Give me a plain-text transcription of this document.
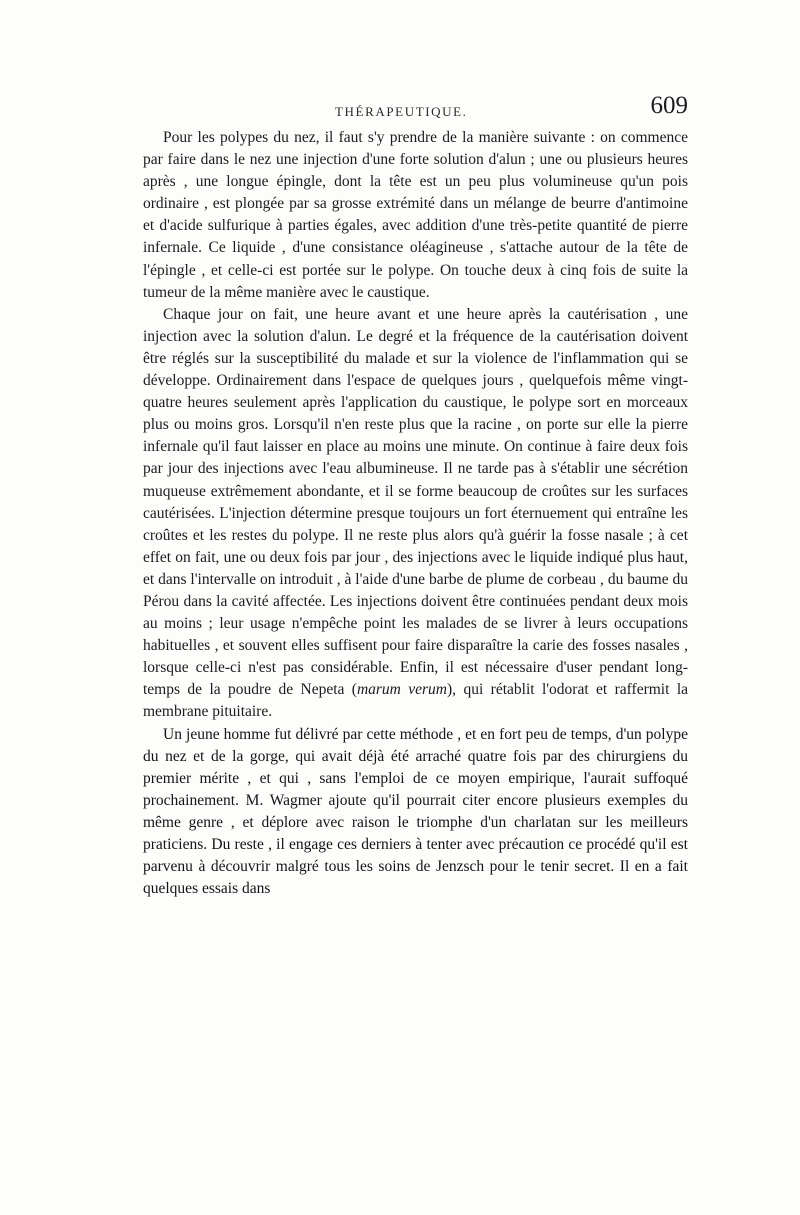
THÉRAPEUTIQUE.	609

Pour les polypes du nez, il faut s'y prendre de la manière suivante : on commence par faire dans le nez une injection d'une forte solution d'alun ; une ou plusieurs heures après , une longue épingle, dont la tête est un peu plus volumineuse qu'un pois ordinaire , est plongée par sa grosse extrémité dans un mélange de beurre d'antimoine et d'acide sulfurique à parties égales, avec addition d'une très-petite quantité de pierre infernale. Ce liquide , d'une consistance oléagineuse , s'attache autour de la tête de l'épingle , et celle-ci est portée sur le polype. On touche deux à cinq fois de suite la tumeur de la même manière avec le caustique.

Chaque jour on fait, une heure avant et une heure après la cautérisation , une injection avec la solution d'alun. Le degré et la fréquence de la cautérisation doivent être réglés sur la susceptibilité du malade et sur la violence de l'inflammation qui se développe. Ordinairement dans l'espace de quelques jours , quelquefois même vingt-quatre heures seulement après l'application du caustique, le polype sort en morceaux plus ou moins gros. Lorsqu'il n'en reste plus que la racine , on porte sur elle la pierre infernale qu'il faut laisser en place au moins une minute. On continue à faire deux fois par jour des injections avec l'eau albumineuse. Il ne tarde pas à s'établir une sécrétion muqueuse extrêmement abondante, et il se forme beaucoup de croûtes sur les surfaces cautérisées. L'injection détermine presque toujours un fort éternuement qui entraîne les croûtes et les restes du polype. Il ne reste plus alors qu'à guérir la fosse nasale ; à cet effet on fait, une ou deux fois par jour , des injections avec le liquide indiqué plus haut, et dans l'intervalle on introduit , à l'aide d'une barbe de plume de corbeau , du baume du Pérou dans la cavité affectée. Les injections doivent être continuées pendant deux mois au moins ; leur usage n'empêche point les malades de se livrer à leurs occupations habituelles , et souvent elles suffisent pour faire disparaître la carie des fosses nasales , lorsque celle-ci n'est pas considérable. Enfin, il est nécessaire d'user pendant long-temps de la poudre de Nepeta (marum verum), qui rétablit l'odorat et raffermit la membrane pituitaire.

Un jeune homme fut délivré par cette méthode , et en fort peu de temps, d'un polype du nez et de la gorge, qui avait déjà été arraché quatre fois par des chirurgiens du premier mérite , et qui , sans l'emploi de ce moyen empirique, l'aurait suffoqué prochainement. M. Wagmer ajoute qu'il pourrait citer encore plusieurs exemples du même genre , et déplore avec raison le triomphe d'un charlatan sur les meilleurs praticiens. Du reste , il engage ces derniers à tenter avec précaution ce procédé qu'il est parvenu à découvrir malgré tous les soins de Jenzsch pour le tenir secret. Il en a fait quelques essais dans
